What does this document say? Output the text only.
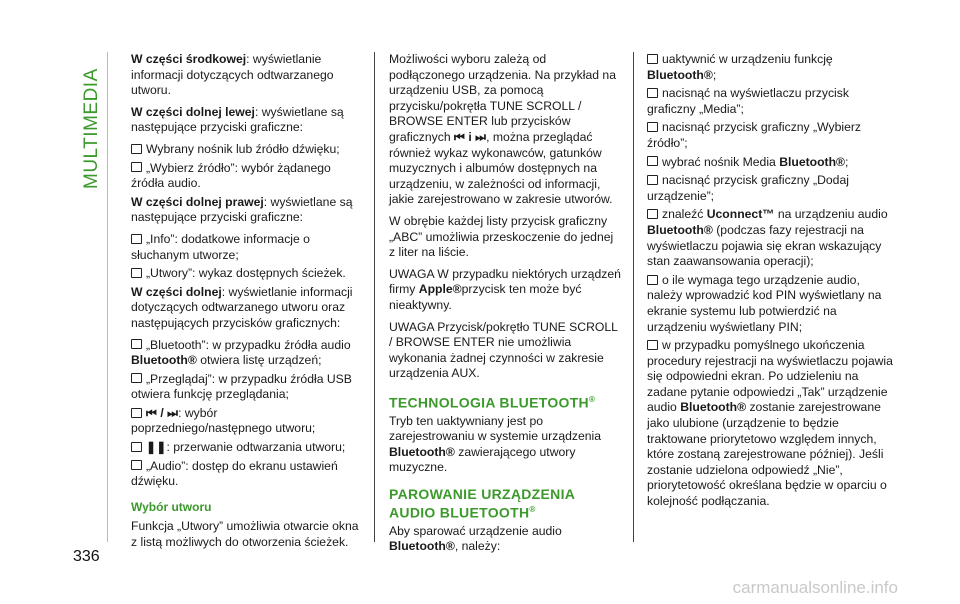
MULTIMEDIA
336

W części środkowej: wyświetlanie informacji dotyczących odtwarzanego utworu.

W części dolnej lewej: wyświetlane są następujące przyciski graficzne:

Wybrany nośnik lub źródło dźwięku;
„Wybierz źródło”: wybór żądanego źródła audio.

W części dolnej prawej: wyświetlane są następujące przyciski graficzne:

„Info”: dodatkowe informacje o słuchanym utworze;
„Utwory”: wykaz dostępnych ścieżek.

W części dolnej: wyświetlanie informacji dotyczących odtwarzanego utworu oraz następujących przycisków graficznych:

„Bluetooth”: w przypadku źródła audio Bluetooth® otwiera listę urządzeń;
„Przeglądaj”: w przypadku źródła USB otwiera funkcję przeglądania;
⏮ / ⏭: wybór poprzedniego/następnego utworu;
❚❚: przerwanie odtwarzania utworu;
„Audio”: dostęp do ekranu ustawień dźwięku.
Wybór utworu

Funkcja „Utwory” umożliwia otwarcie okna z listą możliwych do otworzenia ścieżek.

Możliwości wyboru zależą od podłączonego urządzenia. Na przykład na urządzeniu USB, za pomocą przycisku/pokrętła TUNE SCROLL / BROWSE ENTER lub przycisków graficznych ⏮ i ⏭, można przeglądać również wykaz wykonawców, gatunków muzycznych i albumów dostępnych na urządzeniu, w zależności od informacji, jakie zarejestrowano w zakresie utworów.

W obrębie każdej listy przycisk graficzny „ABC” umożliwia przeskoczenie do jednej z liter na liście.

UWAGA W przypadku niektórych urządzeń firmy Apple®przycisk ten może być nieaktywny.

UWAGA Przycisk/pokrętło TUNE SCROLL / BROWSE ENTER nie umożliwia wykonania żadnej czynności w zakresie urządzenia AUX.

TECHNOLOGIA BLUETOOTH®

Tryb ten uaktywniany jest po zarejestrowaniu w systemie urządzenia Bluetooth® zawierającego utwory muzyczne.

PAROWANIE URZĄDZENIA
AUDIO BLUETOOTH®

Aby sparować urządzenie audio Bluetooth®, należy:

uaktywnić w urządzeniu funkcję Bluetooth®;
nacisnąć na wyświetlaczu przycisk graficzny „Media”;
nacisnąć przycisk graficzny „Wybierz źródło”;
wybrać nośnik Media Bluetooth®;
nacisnąć przycisk graficzny „Dodaj urządzenie”;
znaleźć Uconnect™ na urządzeniu audio Bluetooth® (podczas fazy rejestracji na wyświetlaczu pojawia się ekran wskazujący stan zaawansowania operacji);
o ile wymaga tego urządzenie audio, należy wprowadzić kod PIN wyświetlany na ekranie systemu lub potwierdzić na urządzeniu wyświetlany PIN;
w przypadku pomyślnego ukończenia procedury rejestracji na wyświetlaczu pojawia się odpowiedni ekran. Po udzieleniu na zadane pytanie odpowiedzi „Tak” urządzenie audio Bluetooth® zostanie zarejestrowane jako ulubione (urządzenie to będzie traktowane priorytetowo względem innych, które zostaną zarejestrowane później). Jeśli zostanie udzielona odpowiedź „Nie”, priorytetowość określana będzie w oparciu o kolejność podłączania.
carmanualsonline.info
